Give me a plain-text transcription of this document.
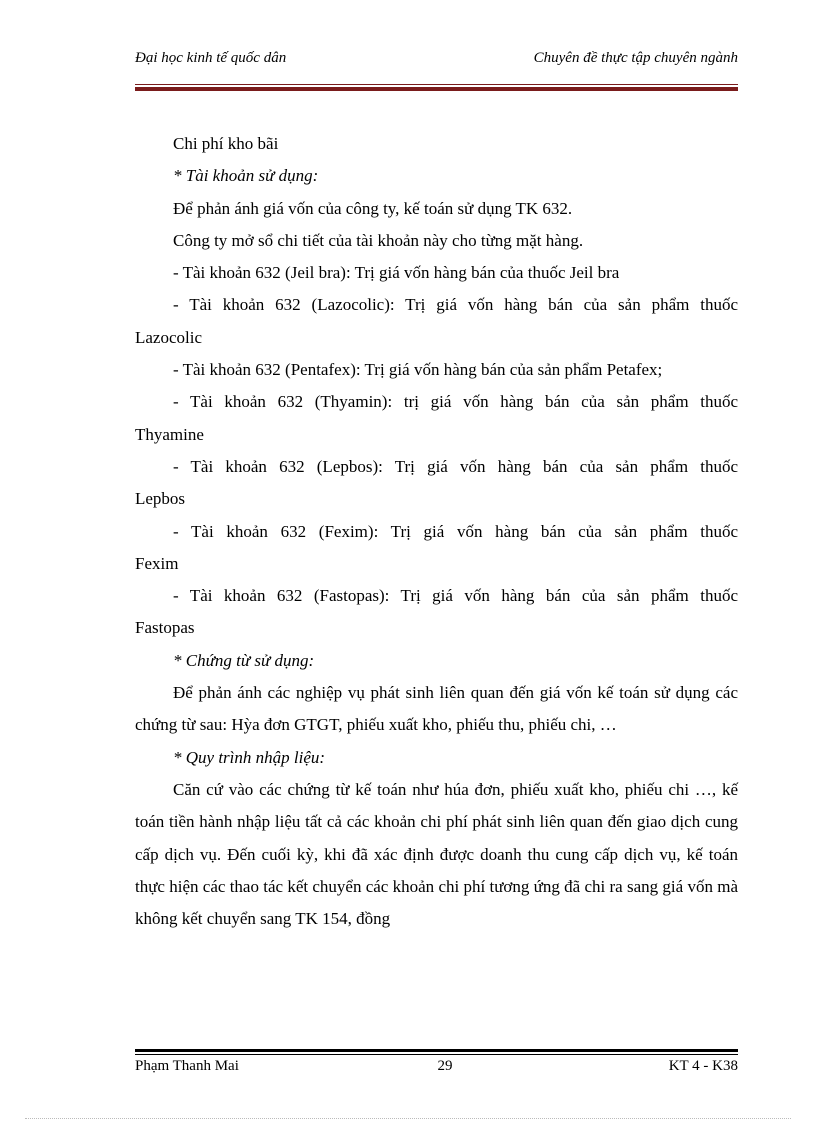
Đại học kinh tế quốc dân	Chuyên đề thực tập chuyên ngành

Chi phí kho bãi

* Tài khoản sử dụng:

Để phản ánh giá vốn của công ty, kế toán sử dụng TK 632.

Công ty mở sổ chi tiết của tài khoản này cho từng mặt hàng.

- Tài khoản 632 (Jeil bra): Trị giá vốn hàng bán của thuốc Jeil bra

- Tài khoản 632 (Lazocolic): Trị giá vốn hàng bán của sản phẩm thuốc

Lazocolic

- Tài khoản 632 (Pentafex): Trị giá vốn hàng bán của sản phẩm Petafex;

- Tài khoản 632 (Thyamin): trị giá vốn hàng bán của sản phẩm thuốc

Thyamine

- Tài khoản 632 (Lepbos): Trị giá vốn hàng bán của sản phẩm thuốc

Lepbos

- Tài khoản 632 (Fexim): Trị giá vốn hàng bán của sản phẩm thuốc

Fexim

- Tài khoản 632 (Fastopas): Trị giá vốn hàng bán của sản phẩm thuốc

Fastopas

* Chứng từ sử dụng:

Để phản ánh các nghiệp vụ phát sinh liên quan đến giá vốn kế toán sử dụng các chứng từ sau: Hỳa đơn GTGT, phiếu xuất kho, phiếu thu, phiếu chi, …

* Quy trình nhập liệu:

Căn cứ vào các chứng từ kế toán như húa đơn, phiếu xuất kho, phiếu chi …, kế toán tiền hành nhập liệu tất cả các khoản chi phí phát sinh liên quan đến giao dịch cung cấp dịch vụ. Đến cuối kỳ, khi đã xác định được doanh thu cung cấp dịch vụ, kế toán thực hiện các thao tác kết chuyển các khoản chi phí tương ứng đã chi ra sang giá vốn mà không kết chuyển sang TK 154, đồng

Phạm Thanh Mai	29	KT 4 - K38
